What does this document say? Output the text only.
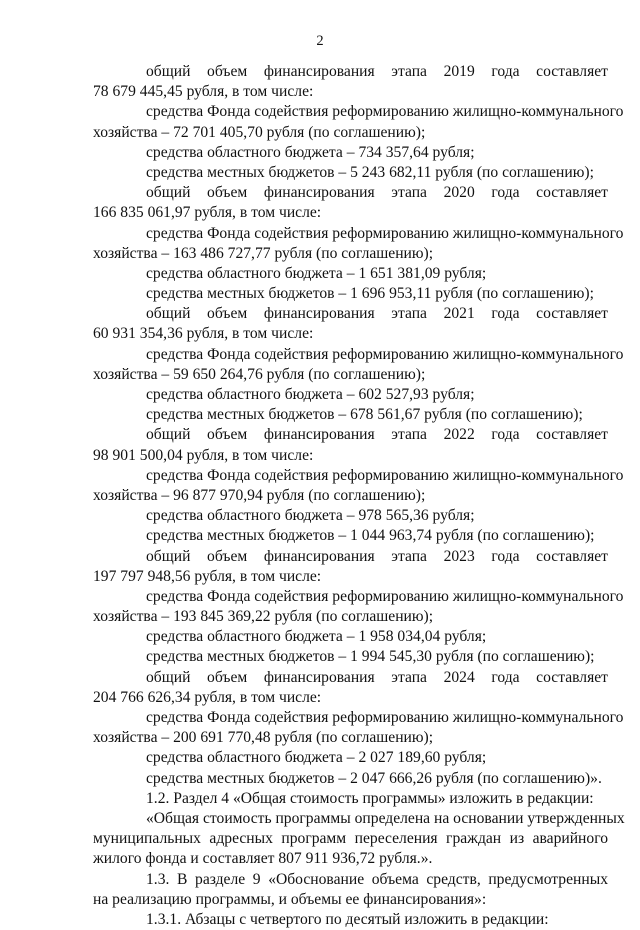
2
общий объем финансирования этапа 2019 года составляет
78 679 445,45 рубля, в том числе:
средства Фонда содействия реформированию жилищно-коммунального
хозяйства – 72 701 405,70 рубля (по соглашению);
средства областного бюджета – 734 357,64 рубля;
средства местных бюджетов – 5 243 682,11 рубля (по соглашению);
общий объем финансирования этапа 2020 года составляет
166 835 061,97 рубля, в том числе:
средства Фонда содействия реформированию жилищно-коммунального
хозяйства – 163 486 727,77 рубля (по соглашению);
средства областного бюджета – 1 651 381,09 рубля;
средства местных бюджетов – 1 696 953,11 рубля (по соглашению);
общий объем финансирования этапа 2021 года составляет
60 931 354,36 рубля, в том числе:
средства Фонда содействия реформированию жилищно-коммунального
хозяйства – 59 650 264,76 рубля (по соглашению);
средства областного бюджета – 602 527,93 рубля;
средства местных бюджетов – 678 561,67 рубля (по соглашению);
общий объем финансирования этапа 2022 года составляет
98 901 500,04 рубля, в том числе:
средства Фонда содействия реформированию жилищно-коммунального
хозяйства – 96 877 970,94 рубля (по соглашению);
средства областного бюджета – 978 565,36 рубля;
средства местных бюджетов – 1 044 963,74 рубля (по соглашению);
общий объем финансирования этапа 2023 года составляет
197 797 948,56 рубля, в том числе:
средства Фонда содействия реформированию жилищно-коммунального
хозяйства – 193 845 369,22 рубля (по соглашению);
средства областного бюджета – 1 958 034,04 рубля;
средства местных бюджетов – 1 994 545,30 рубля (по соглашению);
общий объем финансирования этапа 2024 года составляет
204 766 626,34 рубля, в том числе:
средства Фонда содействия реформированию жилищно-коммунального
хозяйства – 200 691 770,48 рубля (по соглашению);
средства областного бюджета – 2 027 189,60 рубля;
средства местных бюджетов – 2 047 666,26 рубля (по соглашению)».
1.2. Раздел 4 «Общая стоимость программы» изложить в редакции:
«Общая стоимость программы определена на основании утвержденных
муниципальных адресных программ переселения граждан из аварийного
жилого фонда и составляет 807 911 936,72 рубля.».
1.3. В разделе 9 «Обоснование объема средств, предусмотренных
на реализацию программы, и объемы ее финансирования»:
1.3.1. Абзацы с четвертого по десятый изложить в редакции:
